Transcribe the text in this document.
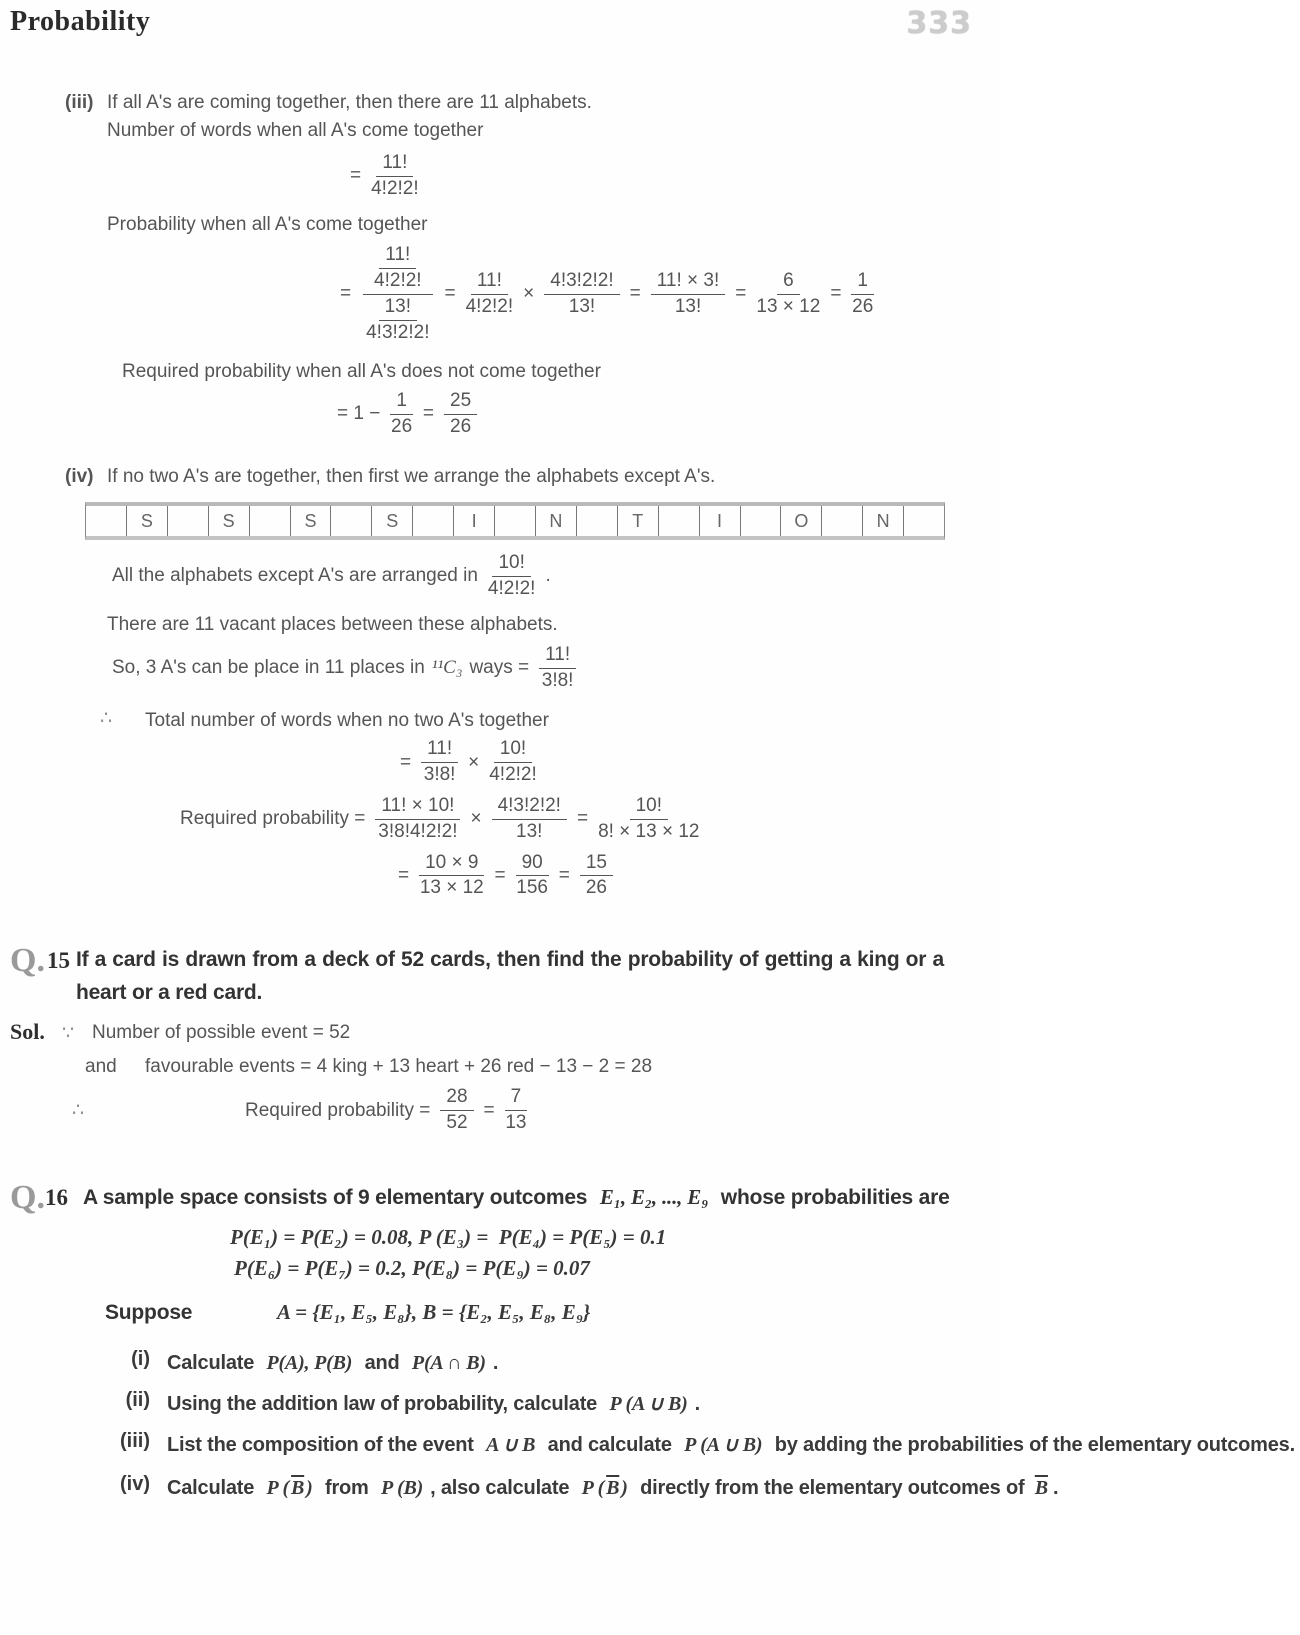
Probability	333
(iii) If all A's are coming together, then there are 11 alphabets.
Number of words when all A's come together
= $\frac{11!}{4!2!2!}$
Probability when all A's come together
= $\frac{\frac{11!}{4!2!2!}}{\frac{13!}{4!3!2!2!}} = \frac{11!}{4!2!2!} \times \frac{4!3!2!2!}{13!} = \frac{11! \times 3!}{13!} = \frac{6}{13 \times 12} = \frac{1}{26}$
Required probability when all A's does not come together
= $1 - \frac{1}{26} = \frac{25}{26}$
(iv) If no two A's are together, then first we arrange the alphabets except A's.
S	S	S	S	I	N	T	I	O	N
All the alphabets except A's are arranged in $\frac{10!}{4!2!2!}$ .
There are 11 vacant places between these alphabets.
So, 3 A's can be place in 11 places in ¹¹C₃ ways = $\frac{11!}{3!8!}$
∴	Total number of words when no two A's together
= $\frac{11!}{3!8!} \times \frac{10!}{4!2!2!}$
Required probability = $\frac{11! \times 10!}{3!8!4!2!2!} \times \frac{4!3!2!2!}{13!} = \frac{10!}{8! \times 13 \times 12}$
= $\frac{10 \times 9}{13 \times 12} = \frac{90}{156} = \frac{15}{26}$
Q. 15 If a card is drawn from a deck of 52 cards, then find the probability of getting a king or a heart or a red card.
Sol. ∵ Number of possible event = 52
and	favourable events = 4 king + 13 heart + 26 red − 13 − 2 = 28
∴	Required probability = $\frac{28}{52} = \frac{7}{13}$
Q. 16 A sample space consists of 9 elementary outcomes E₁, E₂, ..., E₉ whose probabilities are
P(E₁) = P(E₂) = 0.08, P (E₃) =  P(E₄) = P(E₅) = 0.1
P(E₆) = P(E₇) = 0.2, P(E₈) = P(E₉) = 0.07
Suppose	A = {E₁, E₅, E₈}, B = {E₂, E₅, E₈, E₉}
(i) Calculate P(A), P(B) and P(A ∩ B) .
(ii) Using the addition law of probability, calculate P (A ∪ B) .
(iii) List the composition of the event A ∪ B and calculate P (A ∪ B) by adding the probabilities of the elementary outcomes.
(iv) Calculate P ( $\overline{B}$ ) from P (B) , also calculate P ( $\overline{B}$ ) directly from the elementary outcomes of $\overline{B}$ .
